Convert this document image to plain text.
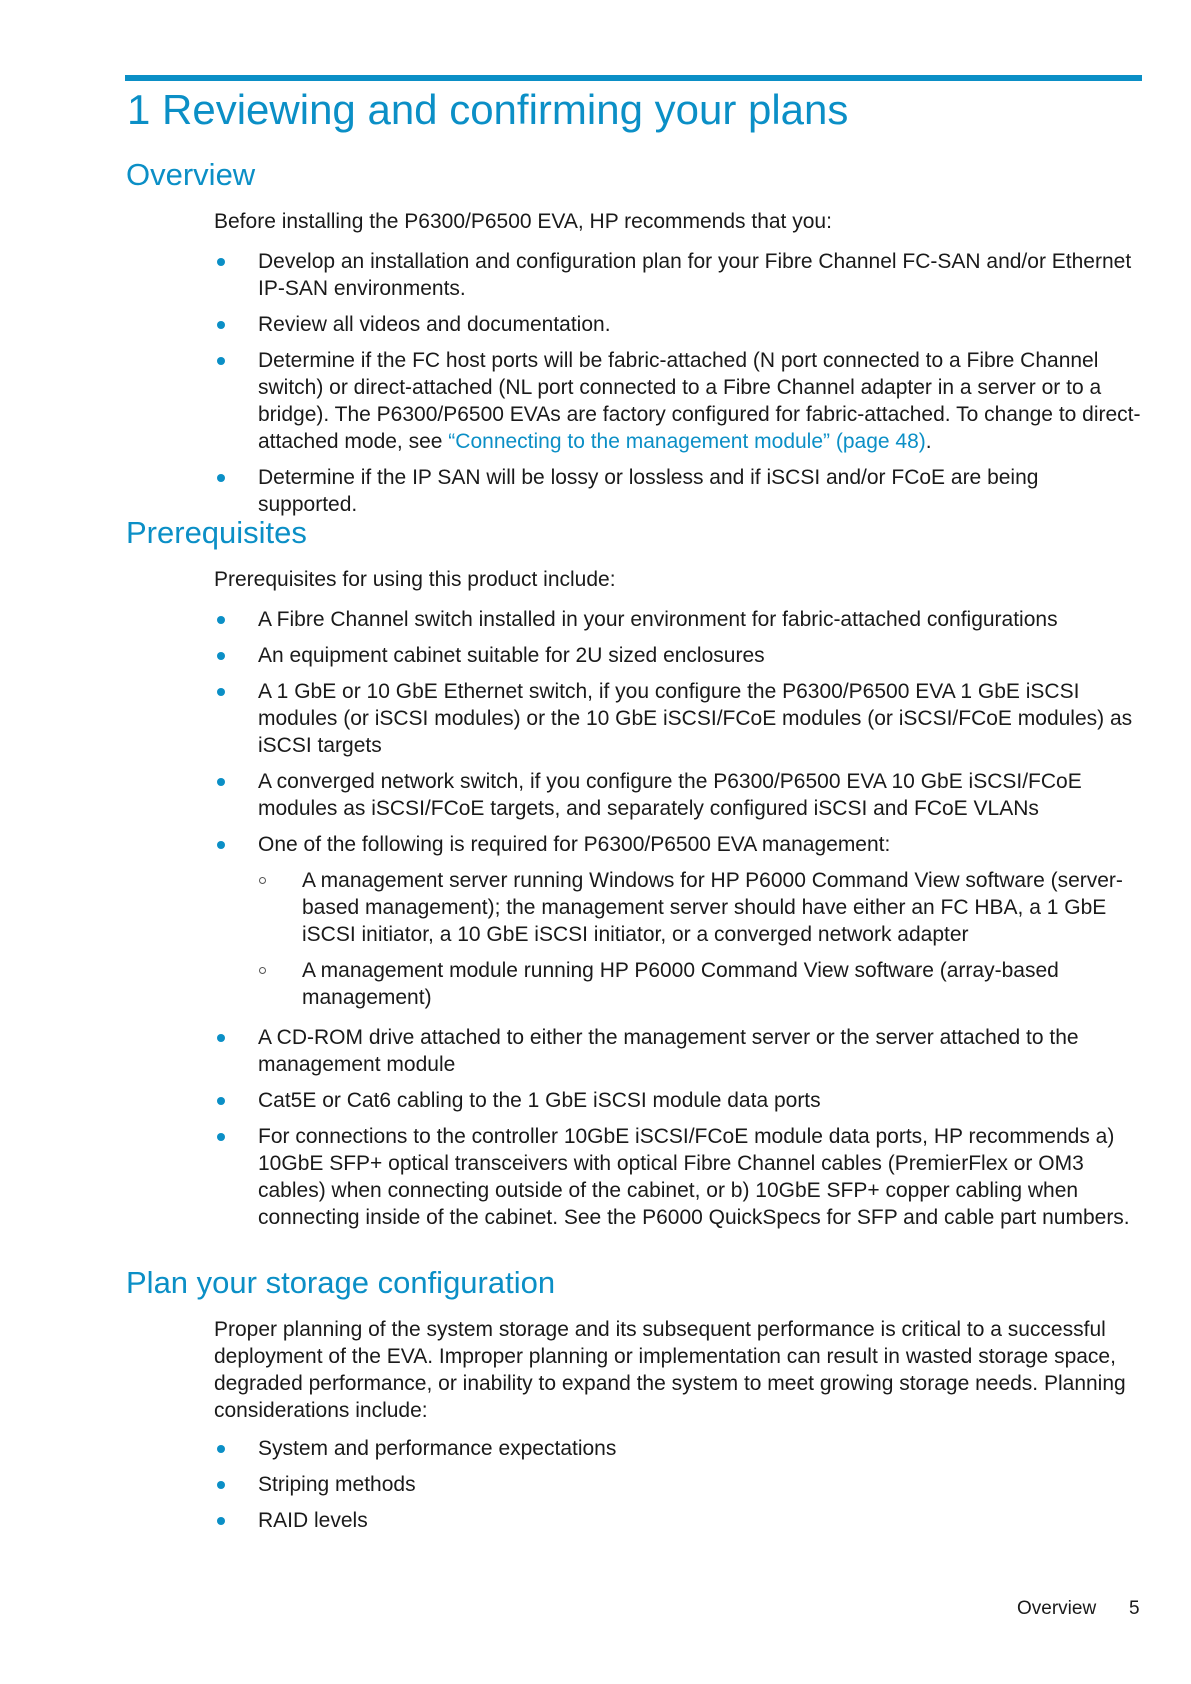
1 Reviewing and confirming your plans
Overview

Before installing the P6300/P6500 EVA, HP recommends that you:

Develop an installation and configuration plan for your Fibre Channel FC-SAN and/or Ethernet IP-SAN environments.
Review all videos and documentation.
Determine if the FC host ports will be fabric-attached (N port connected to a Fibre Channel switch) or direct-attached (NL port connected to a Fibre Channel adapter in a server or to a bridge). The P6300/P6500 EVAs are factory configured for fabric-attached. To change to direct-attached mode, see “Connecting to the management module” (page 48).
Determine if the IP SAN will be lossy or lossless and if iSCSI and/or FCoE are being supported.
Prerequisites

Prerequisites for using this product include:

A Fibre Channel switch installed in your environment for fabric-attached configurations
An equipment cabinet suitable for 2U sized enclosures
A 1 GbE or 10 GbE Ethernet switch, if you configure the P6300/P6500 EVA 1 GbE iSCSI modules (or iSCSI modules) or the 10 GbE iSCSI/FCoE modules (or iSCSI/FCoE modules) as iSCSI targets
A converged network switch, if you configure the P6300/P6500 EVA 10 GbE iSCSI/FCoE modules as iSCSI/FCoE targets, and separately configured iSCSI and FCoE VLANs
One of the following is required for P6300/P6500 EVA management:
A management server running Windows for HP P6000 Command View software (server-based management); the management server should have either an FC HBA, a 1 GbE iSCSI initiator, a 10 GbE iSCSI initiator, or a converged network adapter
A management module running HP P6000 Command View software (array-based management)
A CD-ROM drive attached to either the management server or the server attached to the management module
Cat5E or Cat6 cabling to the 1 GbE iSCSI module data ports
For connections to the controller 10GbE iSCSI/FCoE module data ports, HP recommends a) 10GbE SFP+ optical transceivers with optical Fibre Channel cables (PremierFlex or OM3 cables) when connecting outside of the cabinet, or b) 10GbE SFP+ copper cabling when connecting inside of the cabinet. See the P6000 QuickSpecs for SFP and cable part numbers.
Plan your storage configuration

Proper planning of the system storage and its subsequent performance is critical to a successful deployment of the EVA. Improper planning or implementation can result in wasted storage space, degraded performance, or inability to expand the system to meet growing storage needs. Planning considerations include:

System and performance expectations
Striping methods
RAID levels
Overview 5
